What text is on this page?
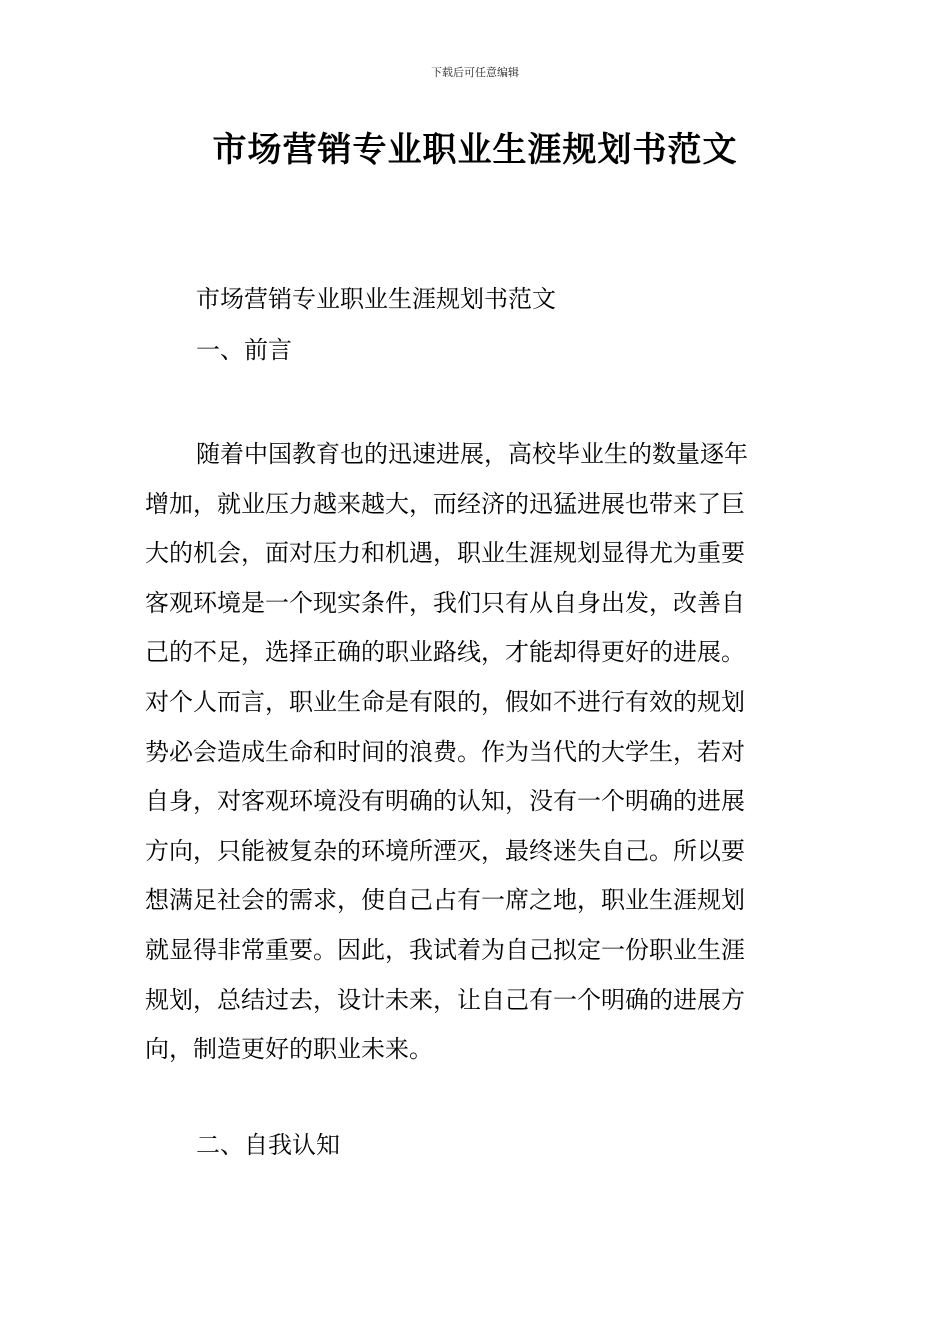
下载后可任意编辑
市场营销专业职业生涯规划书范文

市场营销专业职业生涯规划书范文

一、前言

随着中国教育也的迅速进展，高校毕业生的数量逐年
增加，就业压力越来越大，而经济的迅猛进展也带来了巨
大的机会，面对压力和机遇，职业生涯规划显得尤为重要
客观环境是一个现实条件，我们只有从自身出发，改善自
己的不足，选择正确的职业路线，才能却得更好的进展。
对个人而言，职业生命是有限的，假如不进行有效的规划
势必会造成生命和时间的浪费。作为当代的大学生，若对
自身，对客观环境没有明确的认知，没有一个明确的进展
方向，只能被复杂的环境所湮灭，最终迷失自己。所以要
想满足社会的需求，使自己占有一席之地，职业生涯规划
就显得非常重要。因此，我试着为自己拟定一份职业生涯
规划，总结过去，设计未来，让自己有一个明确的进展方
向，制造更好的职业未来。

二、自我认知
